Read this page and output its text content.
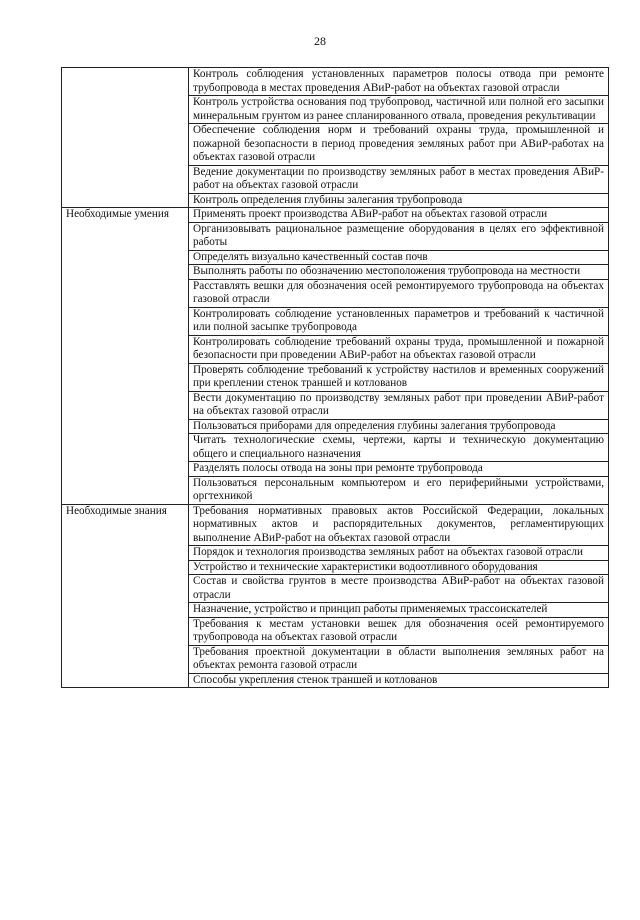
28
	Контроль соблюдения установленных параметров полосы отвода при ремонте трубопровода в местах проведения АВиР-работ на объектах газовой отрасли
	Контроль устройства основания под трубопровод, частичной или полной его засыпки минеральным грунтом из ранее спланированного отвала, проведения рекультивации
	Обеспечение соблюдения норм и требований охраны труда, промышленной и пожарной безопасности в период проведения земляных работ при АВиР-работах на объектах газовой отрасли
	Ведение документации по производству земляных работ в местах проведения АВиР-работ на объектах газовой отрасли
	Контроль определения глубины залегания трубопровода
Необходимые умения	Применять проект производства АВиР-работ на объектах газовой отрасли
	Организовывать рациональное размещение оборудования в целях его эффективной работы
	Определять визуально качественный состав почв
	Выполнять работы по обозначению местоположения трубопровода на местности
	Расставлять вешки для обозначения осей ремонтируемого трубопровода на объектах газовой отрасли
	Контролировать соблюдение установленных параметров и требований к частичной или полной засыпке трубопровода
	Контролировать соблюдение требований охраны труда, промышленной и пожарной безопасности при проведении АВиР-работ на объектах газовой отрасли
	Проверять соблюдение требований к устройству настилов и временных сооружений при креплении стенок траншей и котлованов
	Вести документацию по производству земляных работ при проведении АВиР-работ на объектах газовой отрасли
	Пользоваться приборами для определения глубины залегания трубопровода
	Читать технологические схемы, чертежи, карты и техническую документацию общего и специального назначения
	Разделять полосы отвода на зоны при ремонте трубопровода
	Пользоваться персональным компьютером и его периферийными устройствами, оргтехникой
Необходимые знания	Требования нормативных правовых актов Российской Федерации, локальных нормативных актов и распорядительных документов, регламентирующих выполнение АВиР-работ на объектах газовой отрасли
	Порядок и технология производства земляных работ на объектах газовой отрасли
	Устройство и технические характеристики водоотливного оборудования
	Состав и свойства грунтов в месте производства АВиР-работ на объектах газовой отрасли
	Назначение, устройство и принцип работы применяемых трассоискателей
	Требования к местам установки вешек для обозначения осей ремонтируемого трубопровода на объектах газовой отрасли
	Требования проектной документации в области выполнения земляных работ на объектах ремонта газовой отрасли
	Способы укрепления стенок траншей и котлованов
